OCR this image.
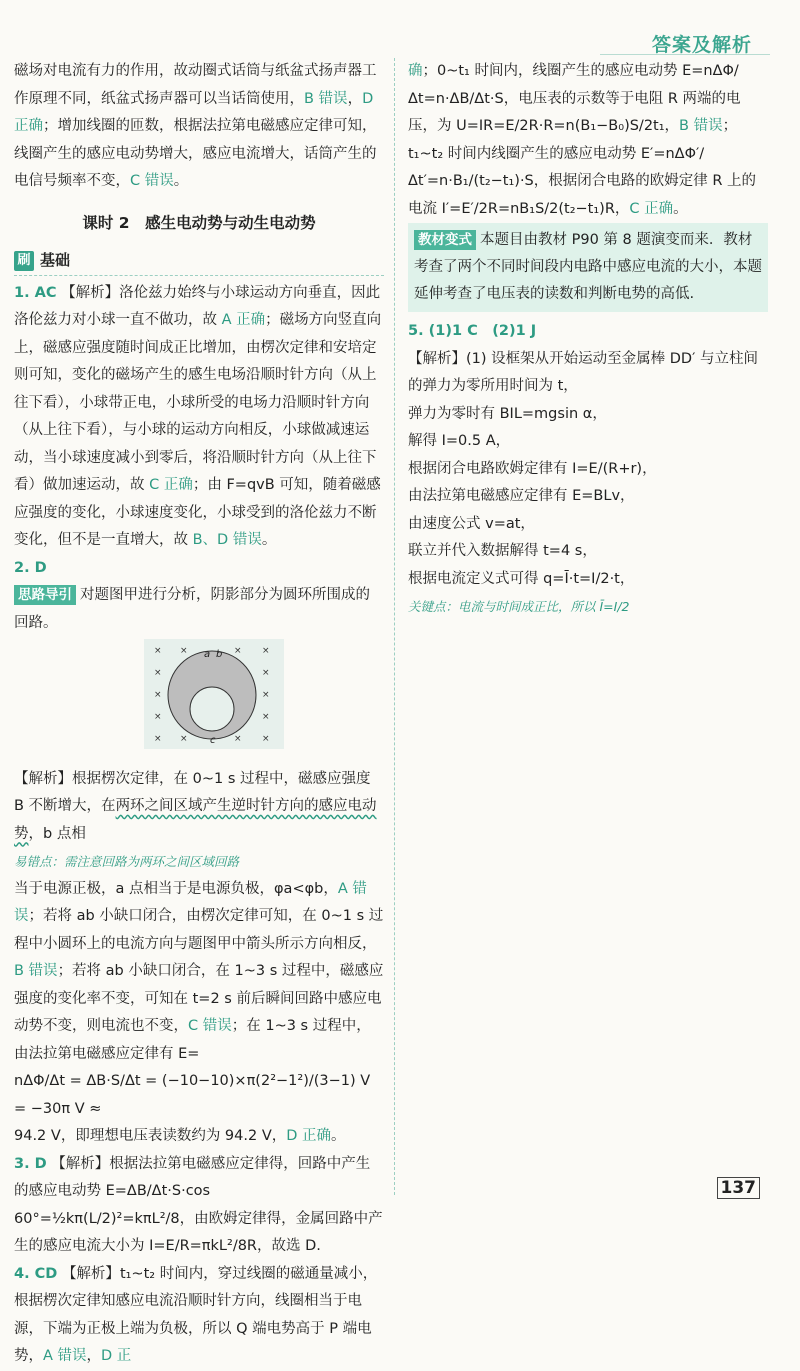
答案及解析

磁场对电流有力的作用，故动圈式话筒与纸盆式扬声器工作原理不同，纸盆式扬声器可以当话筒使用，B 错误，D 正确；增加线圈的匝数，根据法拉第电磁感应定律可知，线圈产生的感应电动势增大，感应电流增大，话筒产生的电信号频率不变，C 错误。

课时 2　感生电动势与动生电动势
刷 基础

1. AC 【解析】洛伦兹力始终与小球运动方向垂直，因此洛伦兹力对小球一直不做功，故 A 正确；磁场方向竖直向上，磁感应强度随时间成正比增加，由楞次定律和安培定则可知，变化的磁场产生的感生电场沿顺时针方向（从上往下看），小球带正电，小球所受的电场力沿顺时针方向（从上往下看），与小球的运动方向相反，小球做减速运动，当小球速度减小到零后，将沿顺时针方向（从上往下看）做加速运动，故 C 正确；由 F=qvB 可知，随着磁感应强度的变化，小球速度变化，小球受到的洛伦兹力不断变化，但不是一直增大，故 B、D 错误。

2. D

思路导引 对题图甲进行分析，阴影部分为圆环所围成的回路。

× ×	× ×
×	×
×	×
×	×
× ×	× ×
a b
c

【解析】根据楞次定律，在 0~1 s 过程中，磁感应强度 B 不断增大，在两环之间区域产生逆时针方向的感应电动势，b 点相

易错点：需注意回路为两环之间区域回路

当于电源正极，a 点相当于是电源负极，φa<φb，A 错误；若将 ab 小缺口闭合，由楞次定律可知，在 0~1 s 过程中小圆环上的电流方向与题图甲中箭头所示方向相反，B 错误；若将 ab 小缺口闭合，在 1~3 s 过程中，磁感应强度的变化率不变，可知在 t=2 s 前后瞬间回路中感应电动势不变，则电流也不变，C 错误；在 1~3 s 过程中，由法拉第电磁感应定律有 E=

nΔΦ/Δt = ΔB·S/Δt = (−10−10)×π(2²−1²)/(3−1) V = −30π V ≈

94.2 V，即理想电压表读数约为 94.2 V，D 正确。

3. D 【解析】根据法拉第电磁感应定律得，回路中产生的感应电动势 E=ΔB/Δt·S·cos 60°=½kπ(L/2)²=kπL²/8，由欧姆定律得，金属回路中产生的感应电流大小为 I=E/R=πkL²/8R，故选 D.

4. CD 【解析】t₁~t₂ 时间内，穿过线圈的磁通量减小，根据楞次定律知感应电流沿顺时针方向，线圈相当于电源，下端为正极上端为负极，所以 Q 端电势高于 P 端电势，A 错误，D 正

确；0~t₁ 时间内，线圈产生的感应电动势 E=nΔΦ/Δt=n·ΔB/Δt·S，电压表的示数等于电阻 R 两端的电压，为 U=IR=E/2R·R=n(B₁−B₀)S/2t₁，B 错误；t₁~t₂ 时间内线圈产生的感应电动势 E′=nΔΦ′/Δt′=n·B₁/(t₂−t₁)·S，根据闭合电路的欧姆定律 R 上的电流 I′=E′/2R=nB₁S/2(t₂−t₁)R，C 正确。

教材变式 本题目由教材 P90 第 8 题演变而来．教材考查了两个不同时间段内电路中感应电流的大小，本题延伸考查了电压表的读数和判断电势的高低.

5. (1)1 C　(2)1 J

【解析】(1) 设框架从开始运动至金属棒 DD′ 与立柱间的弹力为零所用时间为 t，

弹力为零时有 BIL=mgsin α，

解得 I=0.5 A，

根据闭合电路欧姆定律有 I=E/(R+r)，

由法拉第电磁感应定律有 E=BLv，

由速度公式 v=at，

联立并代入数据解得 t=4 s，

根据电流定义式可得 q=Ī·t=I/2·t，

关键点：电流与时间成正比，所以 Ī=I/2

137
